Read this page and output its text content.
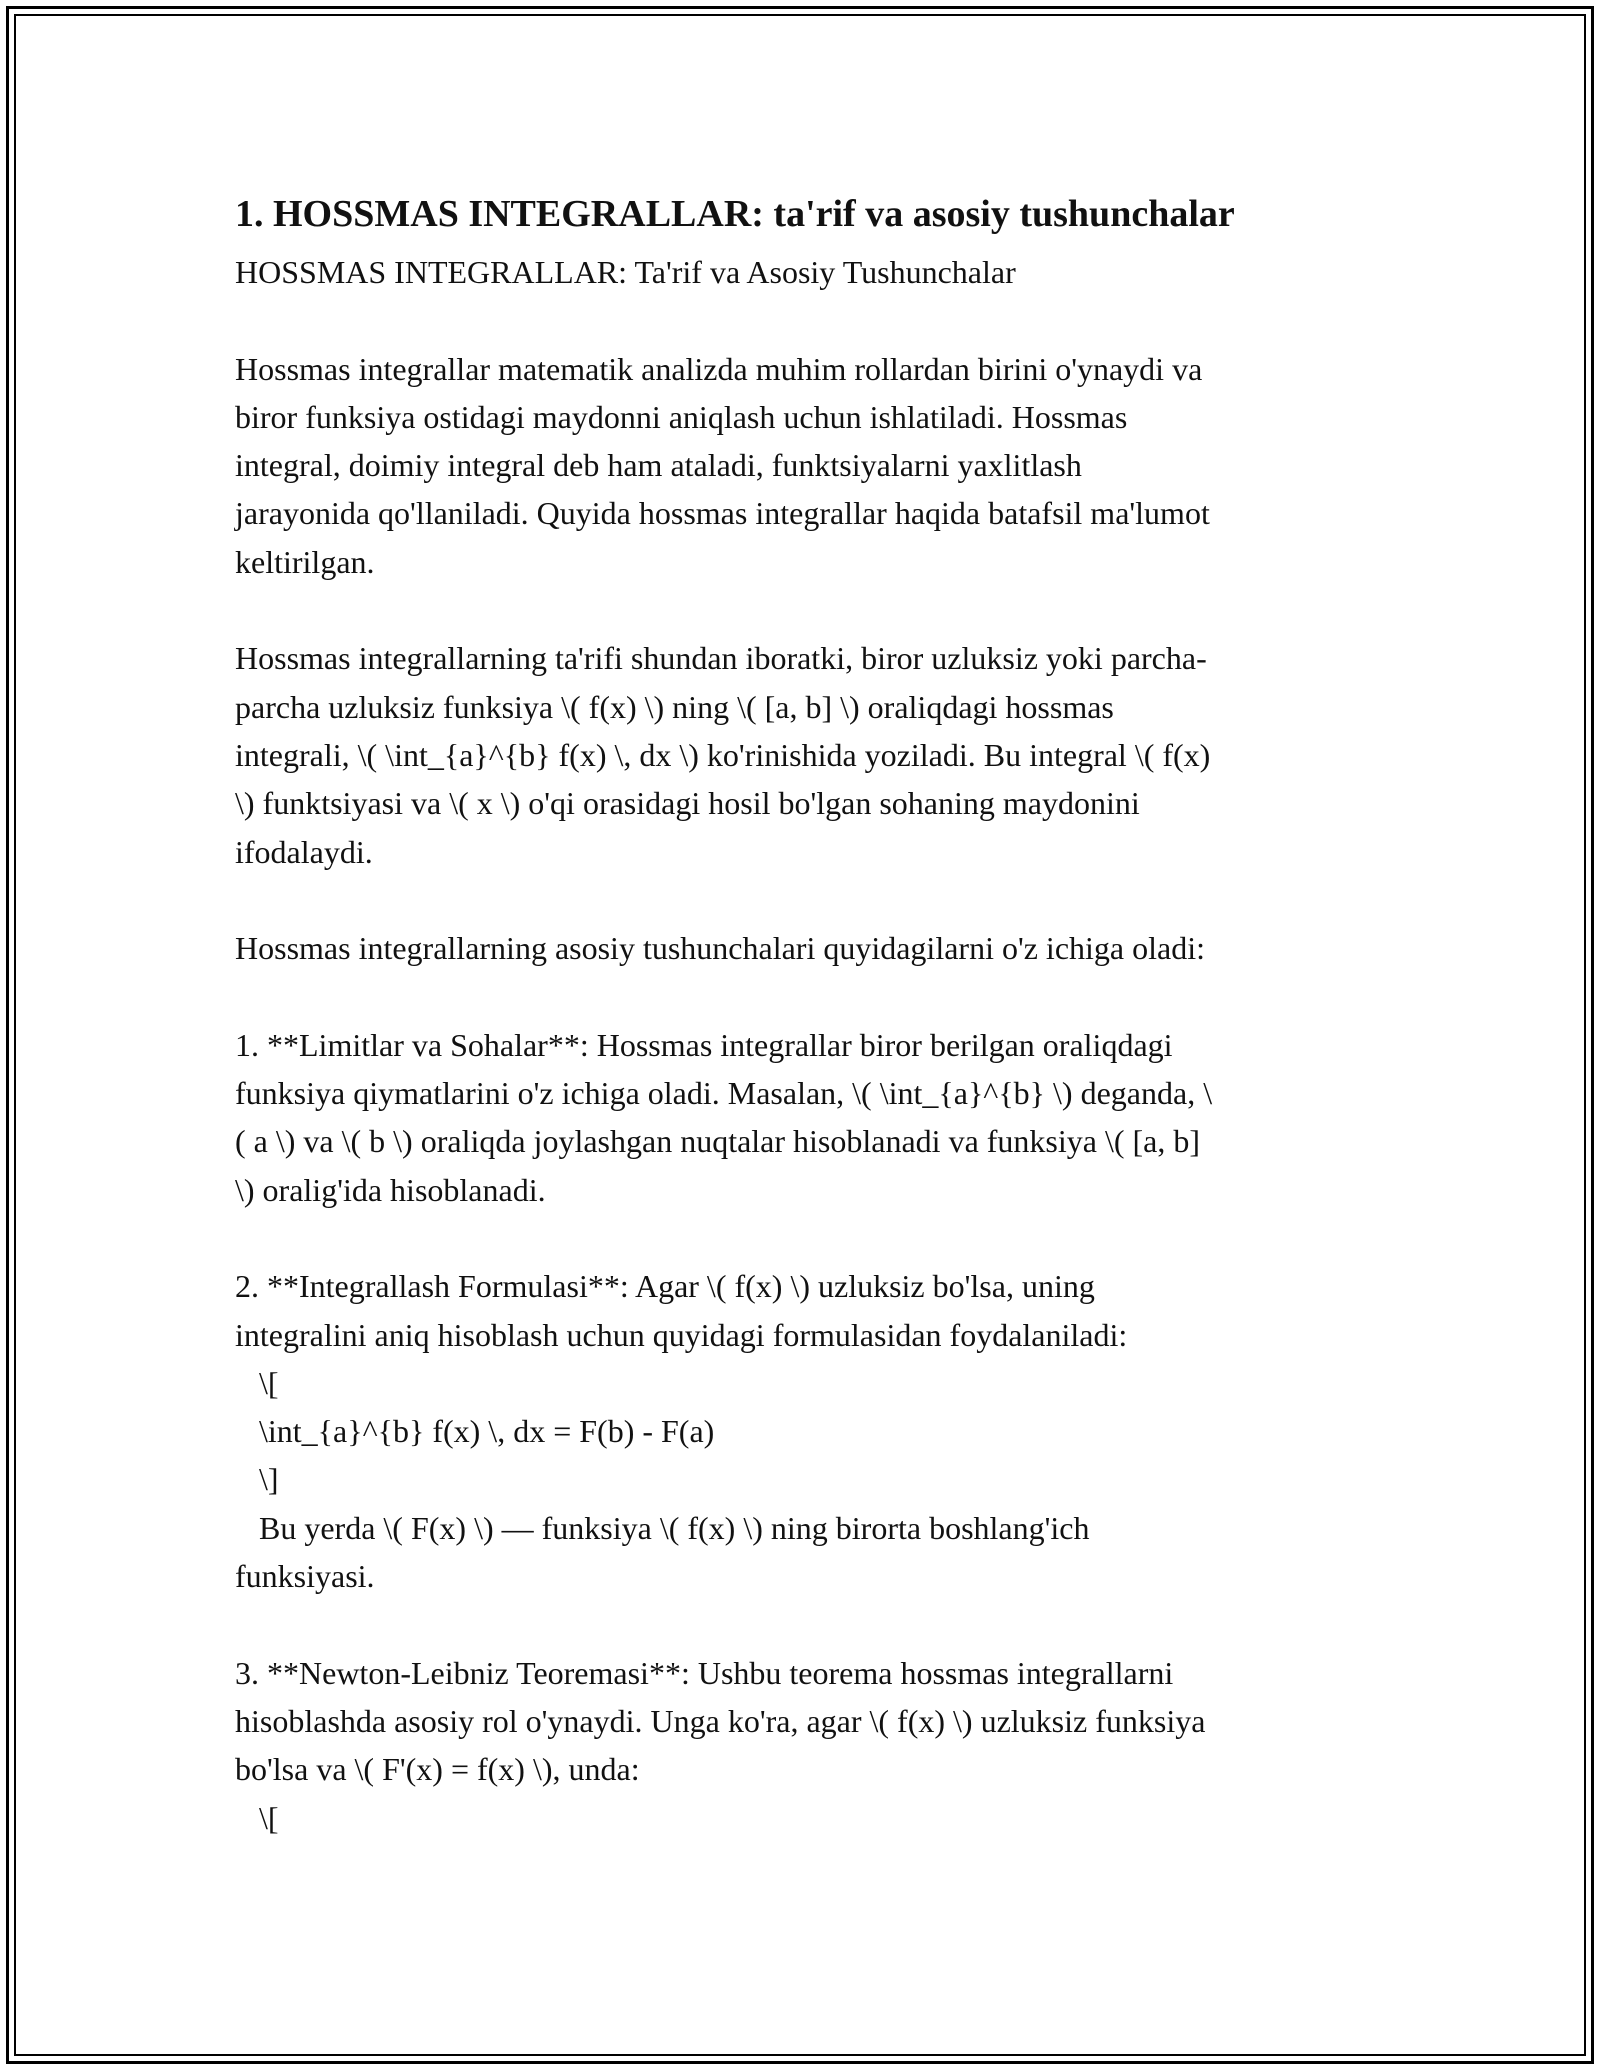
1. HOSSMAS INTEGRALLAR: ta'rif va asosiy tushunchalar
HOSSMAS INTEGRALLAR: Ta'rif va Asosiy Tushunchalar

Hossmas integrallar matematik analizda muhim rollardan birini o'ynaydi va
biror funksiya ostidagi maydonni aniqlash uchun ishlatiladi. Hossmas
integral, doimiy integral deb ham ataladi, funktsiyalarni yaxlitlash
jarayonida qo'llaniladi. Quyida hossmas integrallar haqida batafsil ma'lumot
keltirilgan.

Hossmas integrallarning ta'rifi shundan iboratki, biror uzluksiz yoki parcha-
parcha uzluksiz funksiya \( f(x) \) ning \( [a, b] \) oraliqdagi hossmas
integrali, \( \int_{a}^{b} f(x) \, dx \) ko'rinishida yoziladi. Bu integral \( f(x)
\) funktsiyasi va \( x \) o'qi orasidagi hosil bo'lgan sohaning maydonini
ifodalaydi.

Hossmas integrallarning asosiy tushunchalari quyidagilarni o'z ichiga oladi:

1. **Limitlar va Sohalar**: Hossmas integrallar biror berilgan oraliqdagi
funksiya qiymatlarini o'z ichiga oladi. Masalan, \( \int_{a}^{b} \) deganda, \
( a \) va \( b \) oraliqda joylashgan nuqtalar hisoblanadi va funksiya \( [a, b]
\) oralig'ida hisoblanadi.

2. **Integrallash Formulasi**: Agar \( f(x) \) uzluksiz bo'lsa, uning
integralini aniq hisoblash uchun quyidagi formulasidan foydalaniladi:
\[
\int_{a}^{b} f(x) \, dx = F(b) - F(a)
\]
Bu yerda \( F(x) \) — funksiya \( f(x) \) ning birorta boshlang'ich
funksiyasi.

3. **Newton-Leibniz Teoremasi**: Ushbu teorema hossmas integrallarni
hisoblashda asosiy rol o'ynaydi. Unga ko'ra, agar \( f(x) \) uzluksiz funksiya
bo'lsa va \( F'(x) = f(x) \), unda:
\[
